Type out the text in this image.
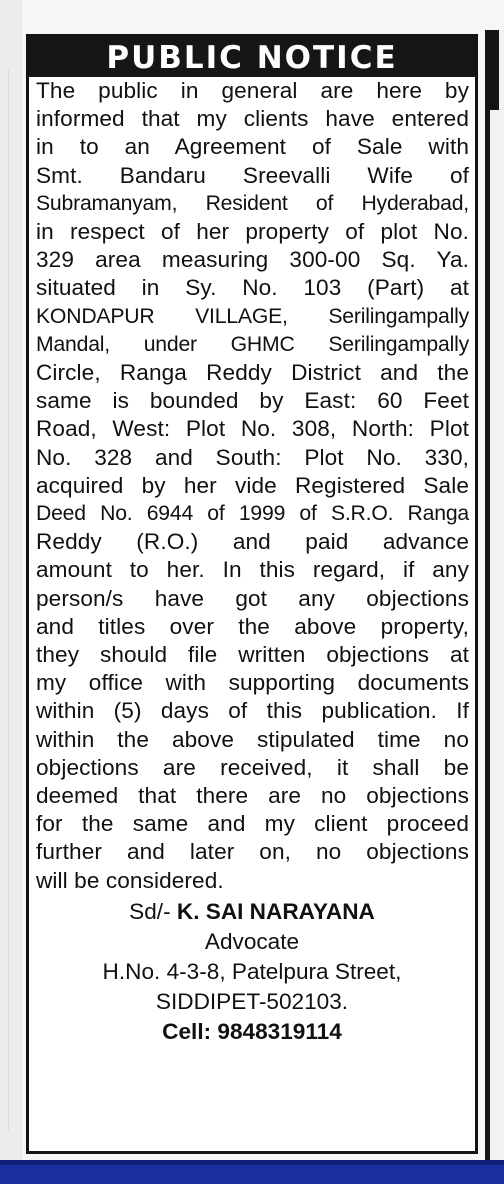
PUBLIC NOTICE
The public in general are here by
informed that my clients have entered
in to an Agreement of Sale with
Smt. Bandaru Sreevalli Wife of
Subramanyam, Resident of Hyderabad,
in respect of her property of plot No.
329 area measuring 300-00 Sq. Ya.
situated in Sy. No. 103 (Part) at
KONDAPUR VILLAGE, Serilingampally
Mandal, under GHMC Serilingampally
Circle, Ranga Reddy District and the
same is bounded by East: 60 Feet
Road, West: Plot No. 308, North: Plot
No. 328 and South: Plot No. 330,
acquired by her vide Registered Sale
Deed No. 6944 of 1999 of S.R.O. Ranga
Reddy (R.O.) and paid advance
amount to her. In this regard, if any
person/s have got any objections
and titles over the above property,
they should file written objections at
my office with supporting documents
within (5) days of this publication. If
within the above stipulated time no
objections are received, it shall be
deemed that there are no objections
for the same and my client proceed
further and later on, no objections
will be considered.
Sd/- K. SAI NARAYANA
Advocate
H.No. 4-3-8, Patelpura Street,
SIDDIPET-502103.
Cell: 9848319114
